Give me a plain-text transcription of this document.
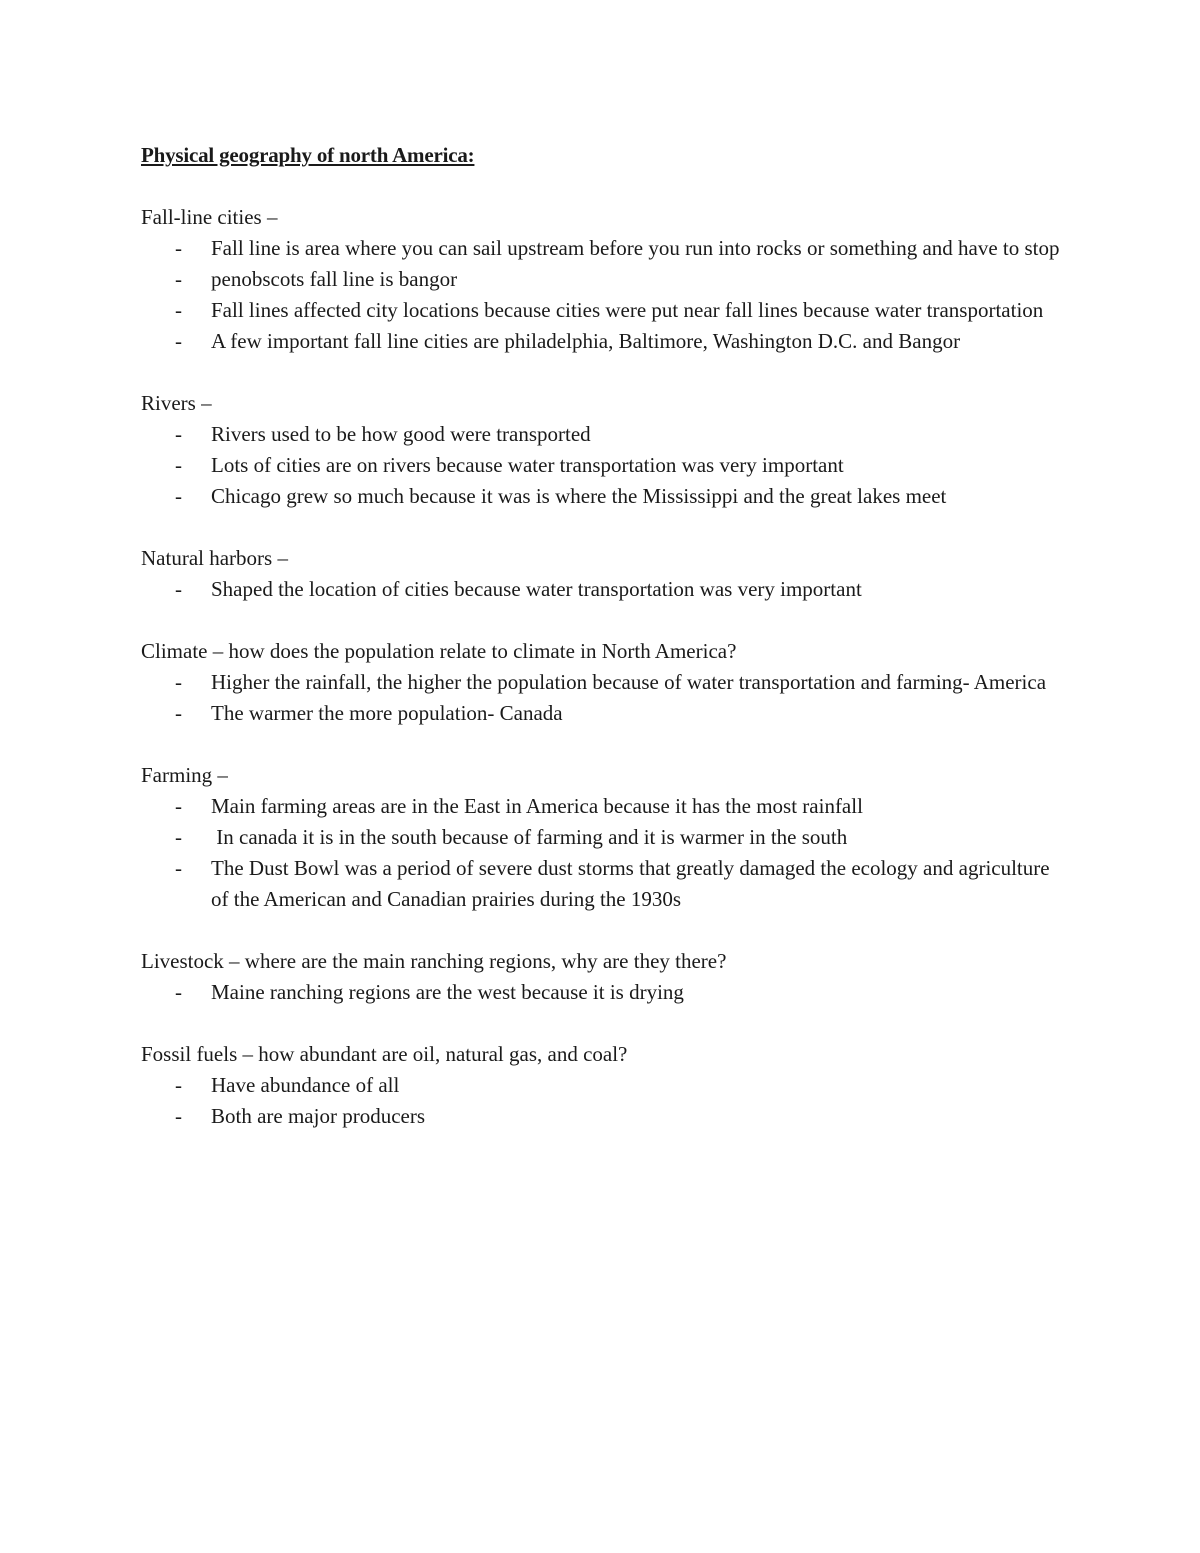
Physical geography of north America:

Fall-line cities –

- Fall line is area where you can sail upstream before you run into rocks or something and have to stop
- penobscots fall line is bangor
- Fall lines affected city locations because cities were put near fall lines because water transportation
- A few important fall line cities are philadelphia, Baltimore, Washington D.C. and Bangor

Rivers –

- Rivers used to be how good were transported
- Lots of cities are on rivers because water transportation was very important
- Chicago grew so much because it was is where the Mississippi and the great lakes meet

Natural harbors –

- Shaped the location of cities because water transportation was very important

Climate – how does the population relate to climate in North America?

- Higher the rainfall, the higher the population because of water transportation and farming- America
- The warmer the more population- Canada

Farming –

- Main farming areas are in the East in America because it has the most rainfall
- In canada it is in the south because of farming and it is warmer in the south
- The Dust Bowl was a period of severe dust storms that greatly damaged the ecology and agriculture of the American and Canadian prairies during the 1930s

Livestock – where are the main ranching regions, why are they there?

- Maine ranching regions are the west because it is drying

Fossil fuels – how abundant are oil, natural gas, and coal?

- Have abundance of all
- Both are major producers
